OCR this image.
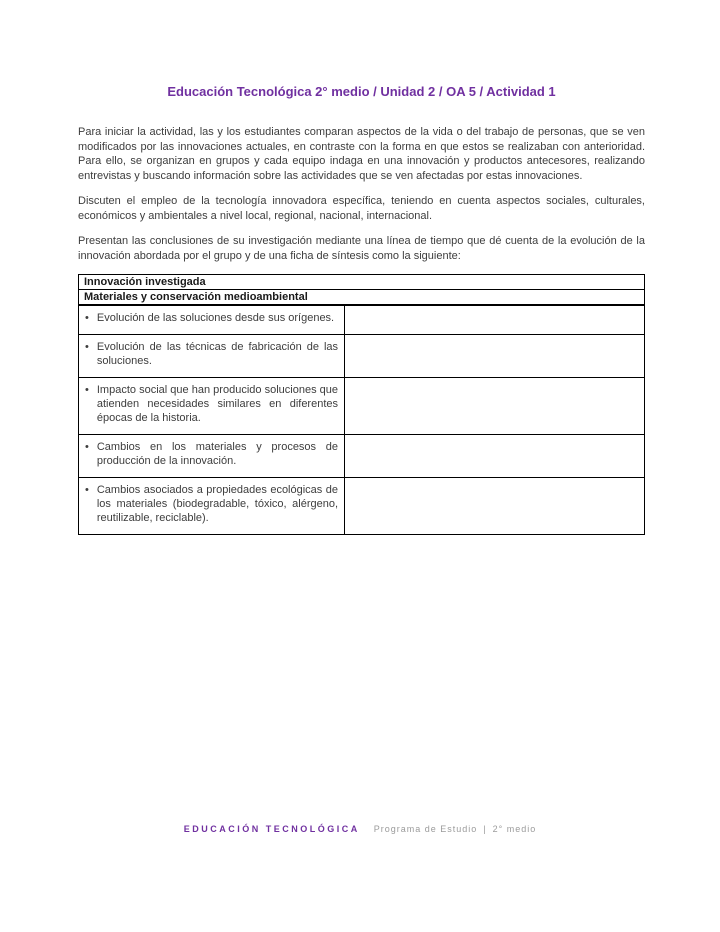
Educación Tecnológica 2° medio / Unidad 2 / OA 5 / Actividad 1

Para iniciar la actividad, las y los estudiantes comparan aspectos de la vida o del trabajo de personas, que se ven modificados por las innovaciones actuales, en contraste con la forma en que estos se realizaban con anterioridad. Para ello, se organizan en grupos y cada equipo indaga en una innovación y productos antecesores, realizando entrevistas y buscando información sobre las actividades que se ven afectadas por estas innovaciones.

Discuten el empleo de la tecnología innovadora específica, teniendo en cuenta aspectos sociales, culturales, económicos y ambientales a nivel local, regional, nacional, internacional.

Presentan las conclusiones de su investigación mediante una línea de tiempo que dé cuenta de la evolución de la innovación abordada por el grupo y de una ficha de síntesis como la siguiente:

Innovación investigada	
Materiales y conservación medioambiental	

• Evolución de las soluciones desde sus orígenes.	

• Evolución de las técnicas de fabricación de las soluciones.	

• Impacto social que han producido soluciones que atienden necesidades similares en diferentes épocas de la historia.	

• Cambios en los materiales y procesos de producción de la innovación.	

• Cambios asociados a propiedades ecológicas de los materiales (biodegradable, tóxico, alérgeno, reutilizable, reciclable).	

EDUCACIÓN TECNOLÓGICA Programa de Estudio | 2° medio
